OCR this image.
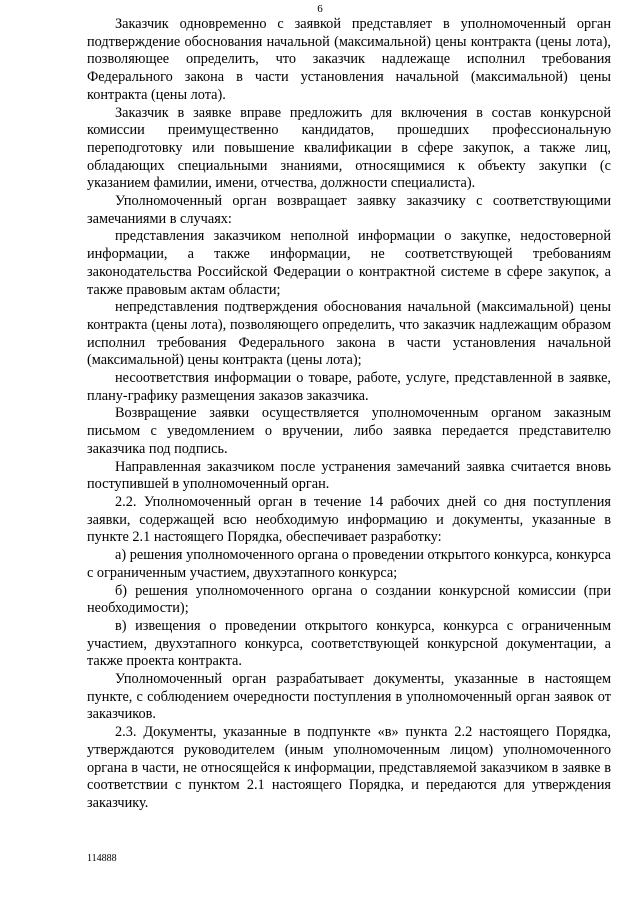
6

Заказчик одновременно с заявкой представляет в уполномоченный орган подтверждение обоснования начальной (максимальной) цены контракта (цены лота), позволяющее определить, что заказчик надлежаще исполнил требования Федерального закона в части установления начальной (максимальной) цены контракта (цены лота).

Заказчик в заявке вправе предложить для включения в состав конкурсной комиссии преимущественно кандидатов, прошедших профессиональную переподготовку или повышение квалификации в сфере закупок, а также лиц, обладающих специальными знаниями, относящимися к объекту закупки (с указанием фамилии, имени, отчества, должности специалиста).

Уполномоченный орган возвращает заявку заказчику с соответствующими замечаниями в случаях:

представления заказчиком неполной информации о закупке, недостоверной информации, а также информации, не соответствующей требованиям законодательства Российской Федерации о контрактной системе в сфере закупок, а также правовым актам области;

непредставления подтверждения обоснования начальной (максимальной) цены контракта (цены лота), позволяющего определить, что заказчик надлежащим образом исполнил требования Федерального закона в части установления начальной (максимальной) цены контракта (цены лота);

несоответствия информации о товаре, работе, услуге, представленной в заявке, плану-графику размещения заказов заказчика.

Возвращение заявки осуществляется уполномоченным органом заказным письмом с уведомлением о вручении, либо заявка передается представителю заказчика под подпись.

Направленная заказчиком после устранения замечаний заявка считается вновь поступившей в уполномоченный орган.

2.2. Уполномоченный орган в течение 14 рабочих дней со дня поступления заявки, содержащей всю необходимую информацию и документы, указанные в пункте 2.1 настоящего Порядка, обеспечивает разработку:

а) решения уполномоченного органа о проведении открытого конкурса, конкурса с ограниченным участием, двухэтапного конкурса;

б) решения уполномоченного органа о создании конкурсной комиссии (при необходимости);

в) извещения о проведении открытого конкурса, конкурса с ограниченным участием, двухэтапного конкурса, соответствующей конкурсной документации, а также проекта контракта.

Уполномоченный орган разрабатывает документы, указанные в настоящем пункте, с соблюдением очередности поступления в уполномоченный орган заявок от заказчиков.

2.3. Документы, указанные в подпункте «в» пункта 2.2 настоящего Порядка, утверждаются руководителем (иным уполномоченным лицом) уполномоченного органа в части, не относящейся к информации, представляемой заказчиком в заявке в соответствии с пунктом 2.1 настоящего Порядка, и передаются для утверждения заказчику.

114888
